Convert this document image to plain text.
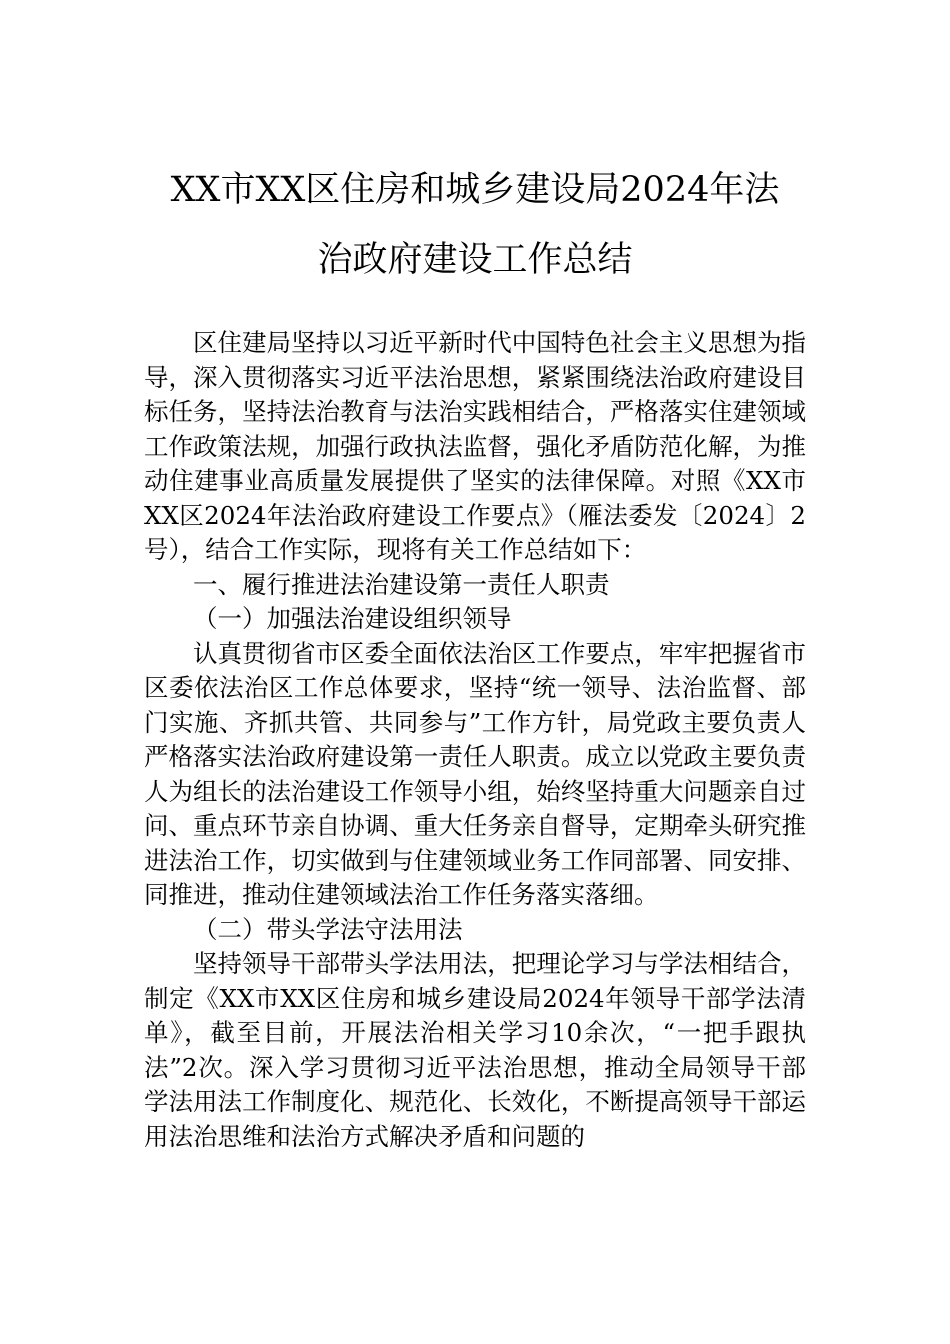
XX市XX区住房和城乡建设局2024年法
治政府建设工作总结

区住建局坚持以习近平新时代中国特色社会主义思想为指导，深入贯彻落实习近平法治思想，紧紧围绕法治政府建设目标任务，坚持法治教育与法治实践相结合，严格落实住建领域工作政策法规，加强行政执法监督，强化矛盾防范化解，为推动住建事业高质量发展提供了坚实的法律保障。对照《XX市XX区2024年法治政府建设工作要点》（雁法委发〔2024〕2号），结合工作实际，现将有关工作总结如下：

一、履行推进法治建设第一责任人职责

（一）加强法治建设组织领导

认真贯彻省市区委全面依法治区工作要点，牢牢把握省市区委依法治区工作总体要求，坚持“统一领导、法治监督、部门实施、齐抓共管、共同参与”工作方针，局党政主要负责人严格落实法治政府建设第一责任人职责。成立以党政主要负责人为组长的法治建设工作领导小组，始终坚持重大问题亲自过问、重点环节亲自协调、重大任务亲自督导，定期牵头研究推进法治工作，切实做到与住建领域业务工作同部署、同安排、同推进，推动住建领域法治工作任务落实落细。

（二）带头学法守法用法

坚持领导干部带头学法用法，把理论学习与学法相结合，制定《XX市XX区住房和城乡建设局2024年领导干部学法清单》，截至目前，开展法治相关学习10余次，“一把手跟执法”2次。深入学习贯彻习近平法治思想，推动全局领导干部学法用法工作制度化、规范化、长效化，不断提高领导干部运用法治思维和法治方式解决矛盾和问题的
